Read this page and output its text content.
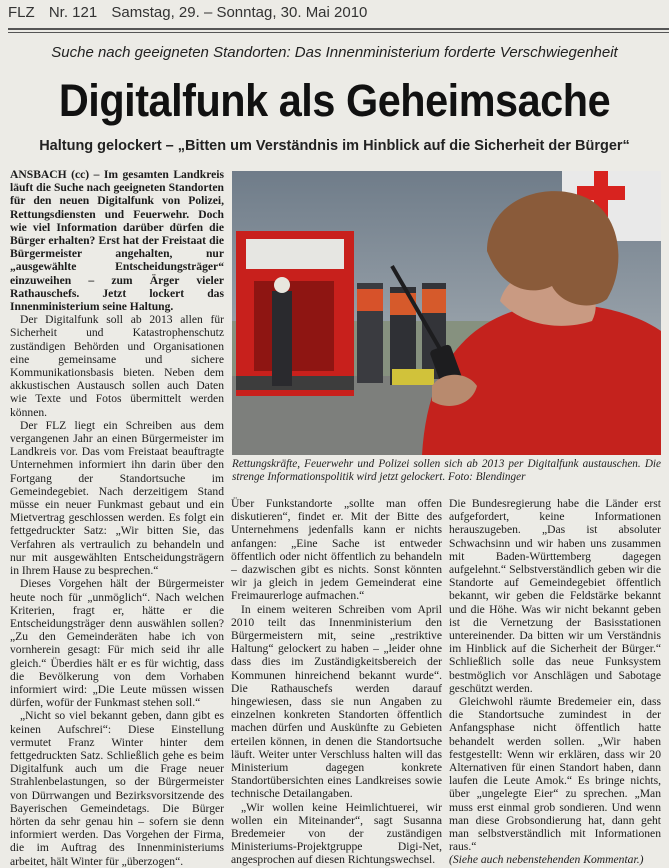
FLZ Nr. 121 Samstag, 29. – Sonntag, 30. Mai 2010
Suche nach geeigneten Standorten: Das Innenministerium forderte Verschwiegenheit
Digitalfunk als Geheimsache
Haltung gelockert – „Bitten um Verständnis im Hinblick auf die Sicherheit der Bürger“

ANSBACH (cc) – Im gesamten Landkreis läuft die Suche nach geeigneten Standorten für den neuen Digitalfunk von Polizei, Rettungsdiensten und Feuerwehr. Doch wie viel Information darüber dürfen die Bürger erhalten? Erst hat der Freistaat die Bürgermeister angehalten, nur „ausgewählte Entscheidungsträger“ einzuweihen – zum Ärger vieler Rathauschefs. Jetzt lockert das Innenministerium seine Haltung.

Der Digitalfunk soll ab 2013 allen für Sicherheit und Katastrophenschutz zuständigen Behörden und Organisationen eine gemeinsame und sichere Kommunikationsbasis bieten. Neben dem akkustischen Austausch sollen auch Daten wie Texte und Fotos übermittelt werden können.

Der FLZ liegt ein Schreiben aus dem vergangenen Jahr an einen Bürgermeister im Landkreis vor. Das vom Freistaat beauftragte Unternehmen informiert ihn darin über den Fortgang der Standortsuche im Gemeindegebiet. Nach derzeitigem Stand müsse ein neuer Funkmast gebaut und ein Mietvertrag geschlossen werden. Es folgt ein fettgedruckter Satz: „Wir bitten Sie, das Verfahren als vertraulich zu behandeln und nur mit ausgewählten Entscheidungsträgern in Ihrem Hause zu besprechen.“

Dieses Vorgehen hält der Bürgermeister heute noch für „unmöglich“. Nach welchen Kriterien, fragt er, hätte er die Entscheidungsträger denn auswählen sollen? „Zu den Gemeinderäten habe ich von vornherein gesagt: Für mich seid ihr alle gleich.“ Überdies hält er es für wichtig, dass die Bevölkerung von dem Vorhaben informiert wird: „Die Leute müssen wissen dürfen, wofür der Funkmast stehen soll.“

„Nicht so viel bekannt geben, dann gibt es keinen Aufschrei“: Diese Einstellung vermutet Franz Winter hinter dem fettgedruckten Satz. Schließlich gehe es beim Digitalfunk auch um die Frage neuer Strahlenbelastungen, so der Bürgermeister von Dürrwangen und Bezirksvorsitzende des Bayerischen Gemeindetags. Die Bürger hörten da sehr genau hin – sofern sie denn informiert werden. Das Vorgehen der Firma, die im Auftrag des Innenministeriums arbeitet, hält Winter für „überzogen“.

Rettungskräfte, Feuerwehr und Polizei sollen sich ab 2013 per Digitalfunk austauschen. Die strenge Informationspolitik wird jetzt gelockert. Foto: Blendinger

Über Funkstandorte „sollte man offen diskutieren“, findet er. Mit der Bitte des Unternehmens jedenfalls kann er nichts anfangen: „Eine Sache ist entweder öffentlich oder nicht öffentlich zu behandeln – dazwischen gibt es nichts. Sonst könnten wir ja gleich in jedem Gemeinderat eine Freimaurerloge aufmachen.“

In einem weiteren Schreiben vom April 2010 teilt das Innenministerium den Bürgermeistern mit, seine „restriktive Haltung“ gelockert zu haben – „leider ohne dass dies im Zuständigkeitsbereich der Kommunen hinreichend bekannt wurde“. Die Rathauschefs werden darauf hingewiesen, dass sie nun Angaben zu einzelnen konkreten Standorten öffentlich machen dürfen und Auskünfte zu Gebieten erteilen können, in denen die Standortsuche läuft. Weiter unter Verschluss halten will das Ministerium dagegen konkrete Standortübersichten eines Landkreises sowie technische Detailangaben.

„Wir wollen keine Heimlichtuerei, wir wollen ein Miteinander“, sagt Susanna Bredemeier von der zuständigen Ministeriums-Projektgruppe Digi-Net, angesprochen auf diesen Richtungswechsel.

Die Bundesregierung habe die Länder erst aufgefordert, keine Informationen herauszugeben. „Das ist absoluter Schwachsinn und wir haben uns zusammen mit Baden-Württemberg dagegen aufgelehnt.“ Selbstverständlich geben wir die Standorte auf Gemeindegebiet öffentlich bekannt, wir geben die Feldstärke bekannt und die Höhe. Was wir nicht bekannt geben ist die Vernetzung der Basisstationen untereinender. Da bitten wir um Verständnis im Hinblick auf die Sicherheit der Bürger.“ Schließlich solle das neue Funksystem bestmöglich vor Anschlägen und Sabotage geschützt werden.

Gleichwohl räumte Bredemeier ein, dass die Standortsuche zumindest in der Anfangsphase nicht öffentlich hatte behandelt werden sollen. „Wir haben festgestellt: Wenn wir erklären, dass wir 20 Alternativen für einen Standort haben, dann laufen die Leute Amok.“ Es bringe nichts, über „ungelegte Eier“ zu sprechen. „Man muss erst einmal grob sondieren. Und wenn man diese Grobsondierung hat, dann geht man selbstverständlich mit Informationen raus.“

(Siehe auch nebenstehenden Kommentar.)
